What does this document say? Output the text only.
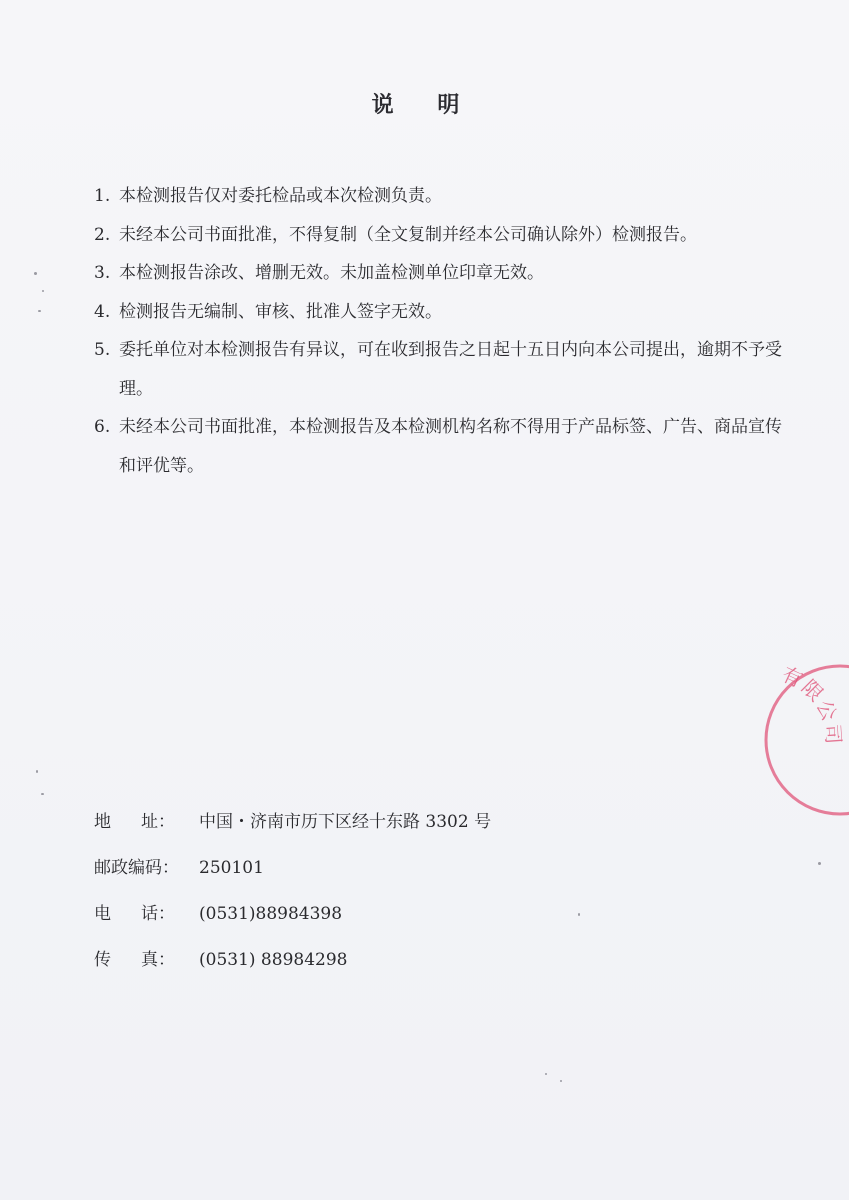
说 明
1. 本检测报告仅对委托检品或本次检测负责。
2. 未经本公司书面批准，不得复制（全文复制并经本公司确认除外）检测报告。
3. 本检测报告涂改、增删无效。未加盖检测单位印章无效。
4. 检测报告无编制、审核、批准人签字无效。
5. 委托单位对本检测报告有异议，可在收到报告之日起十五日内向本公司提出，逾期不予受理。
6. 未经本公司书面批准，本检测报告及本检测机构名称不得用于产品标签、广告、商品宣传和评优等。
地 址： 中国・济南市历下区经十东路 3302 号
邮政编码：	250101
电 话： (0531)88984398
传 真： (0531) 88984298
有限公司
